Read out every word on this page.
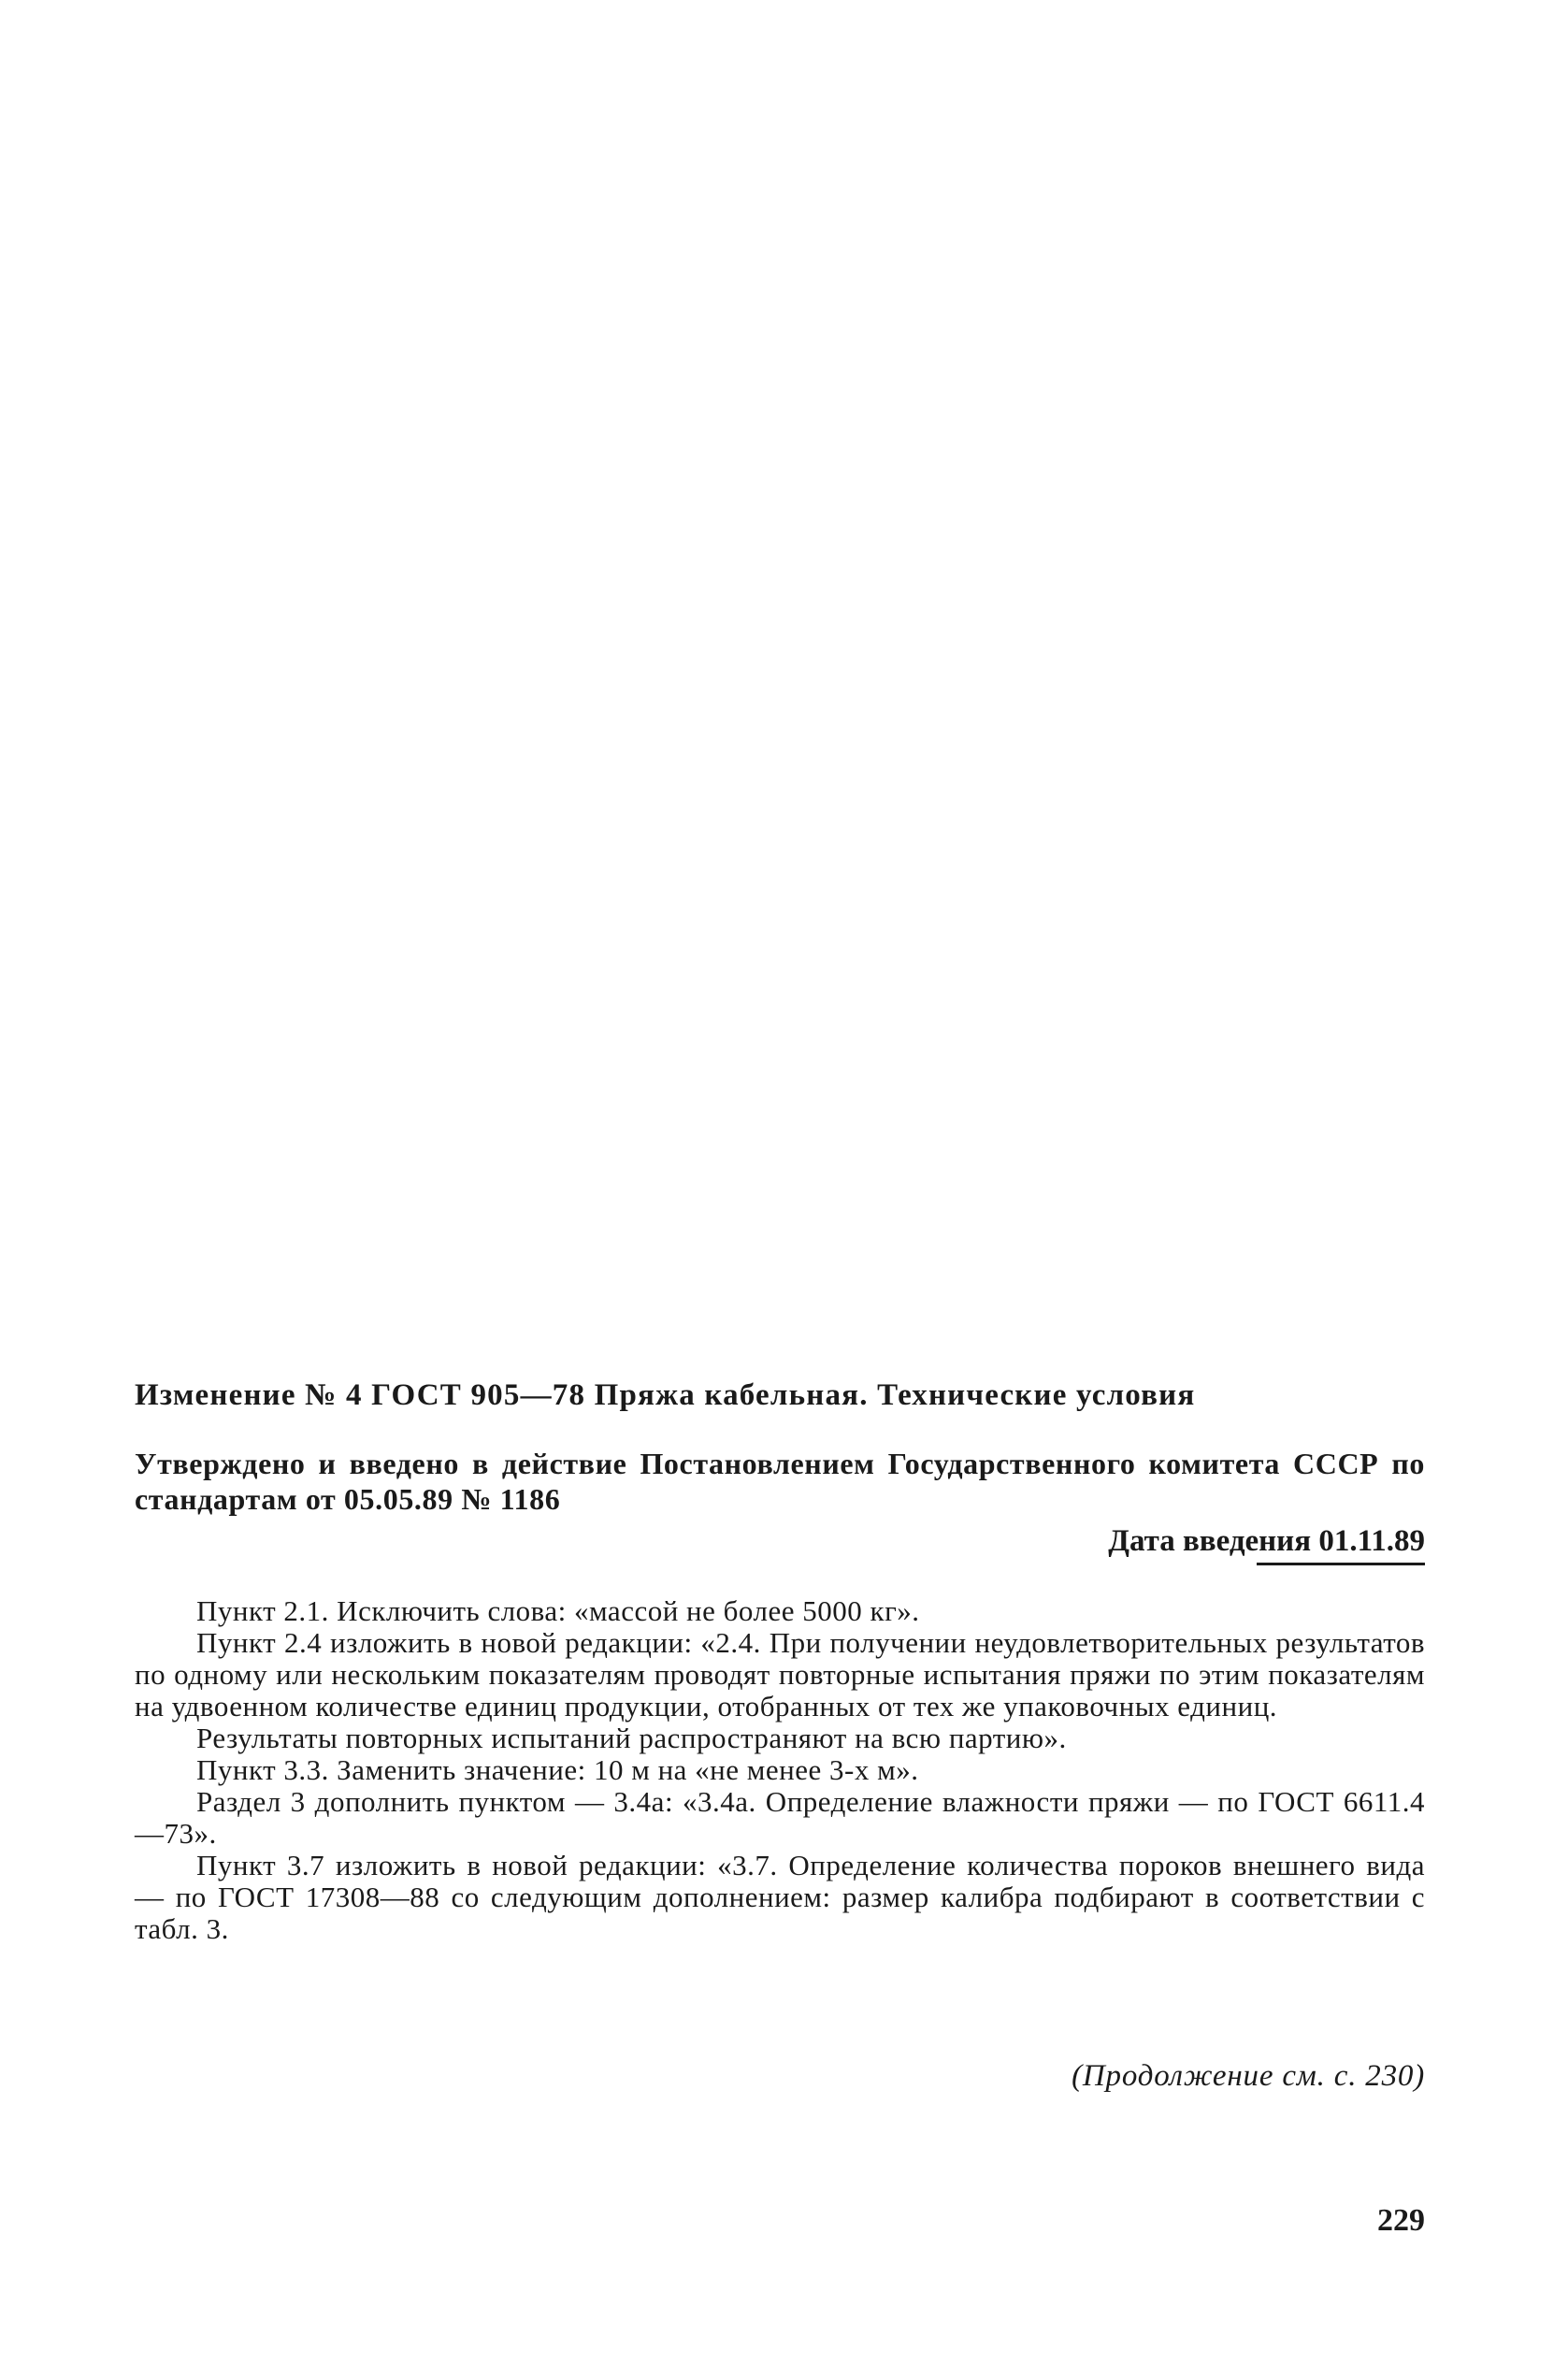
Изменение № 4 ГОСТ 905—78 Пряжа кабельная. Технические условия

Утверждено и введено в действие Постановлением Государственного комитета СССР по стандартам от 05.05.89 № 1186

Дата введения 01.11.89

Пункт 2.1. Исключить слова: «массой не более 5000 кг».

Пункт 2.4 изложить в новой редакции: «2.4. При получении неудовлетворительных результатов по одному или нескольким показателям проводят повторные испытания пряжи по этим показателям на удвоенном количестве единиц продукции, отобранных от тех же упаковочных единиц.

Результаты повторных испытаний распространяют на всю партию».

Пункт 3.3. Заменить значение: 10 м на «не менее 3-х м».

Раздел 3 дополнить пунктом — 3.4а: «3.4а. Определение влажности пряжи — по ГОСТ 6611.4—73».

Пункт 3.7 изложить в новой редакции: «3.7. Определение количества пороков внешнего вида — по ГОСТ 17308—88 со следующим дополнением: размер калибра подбирают в соответствии с табл. 3.

(Продолжение см. с. 230)
229
